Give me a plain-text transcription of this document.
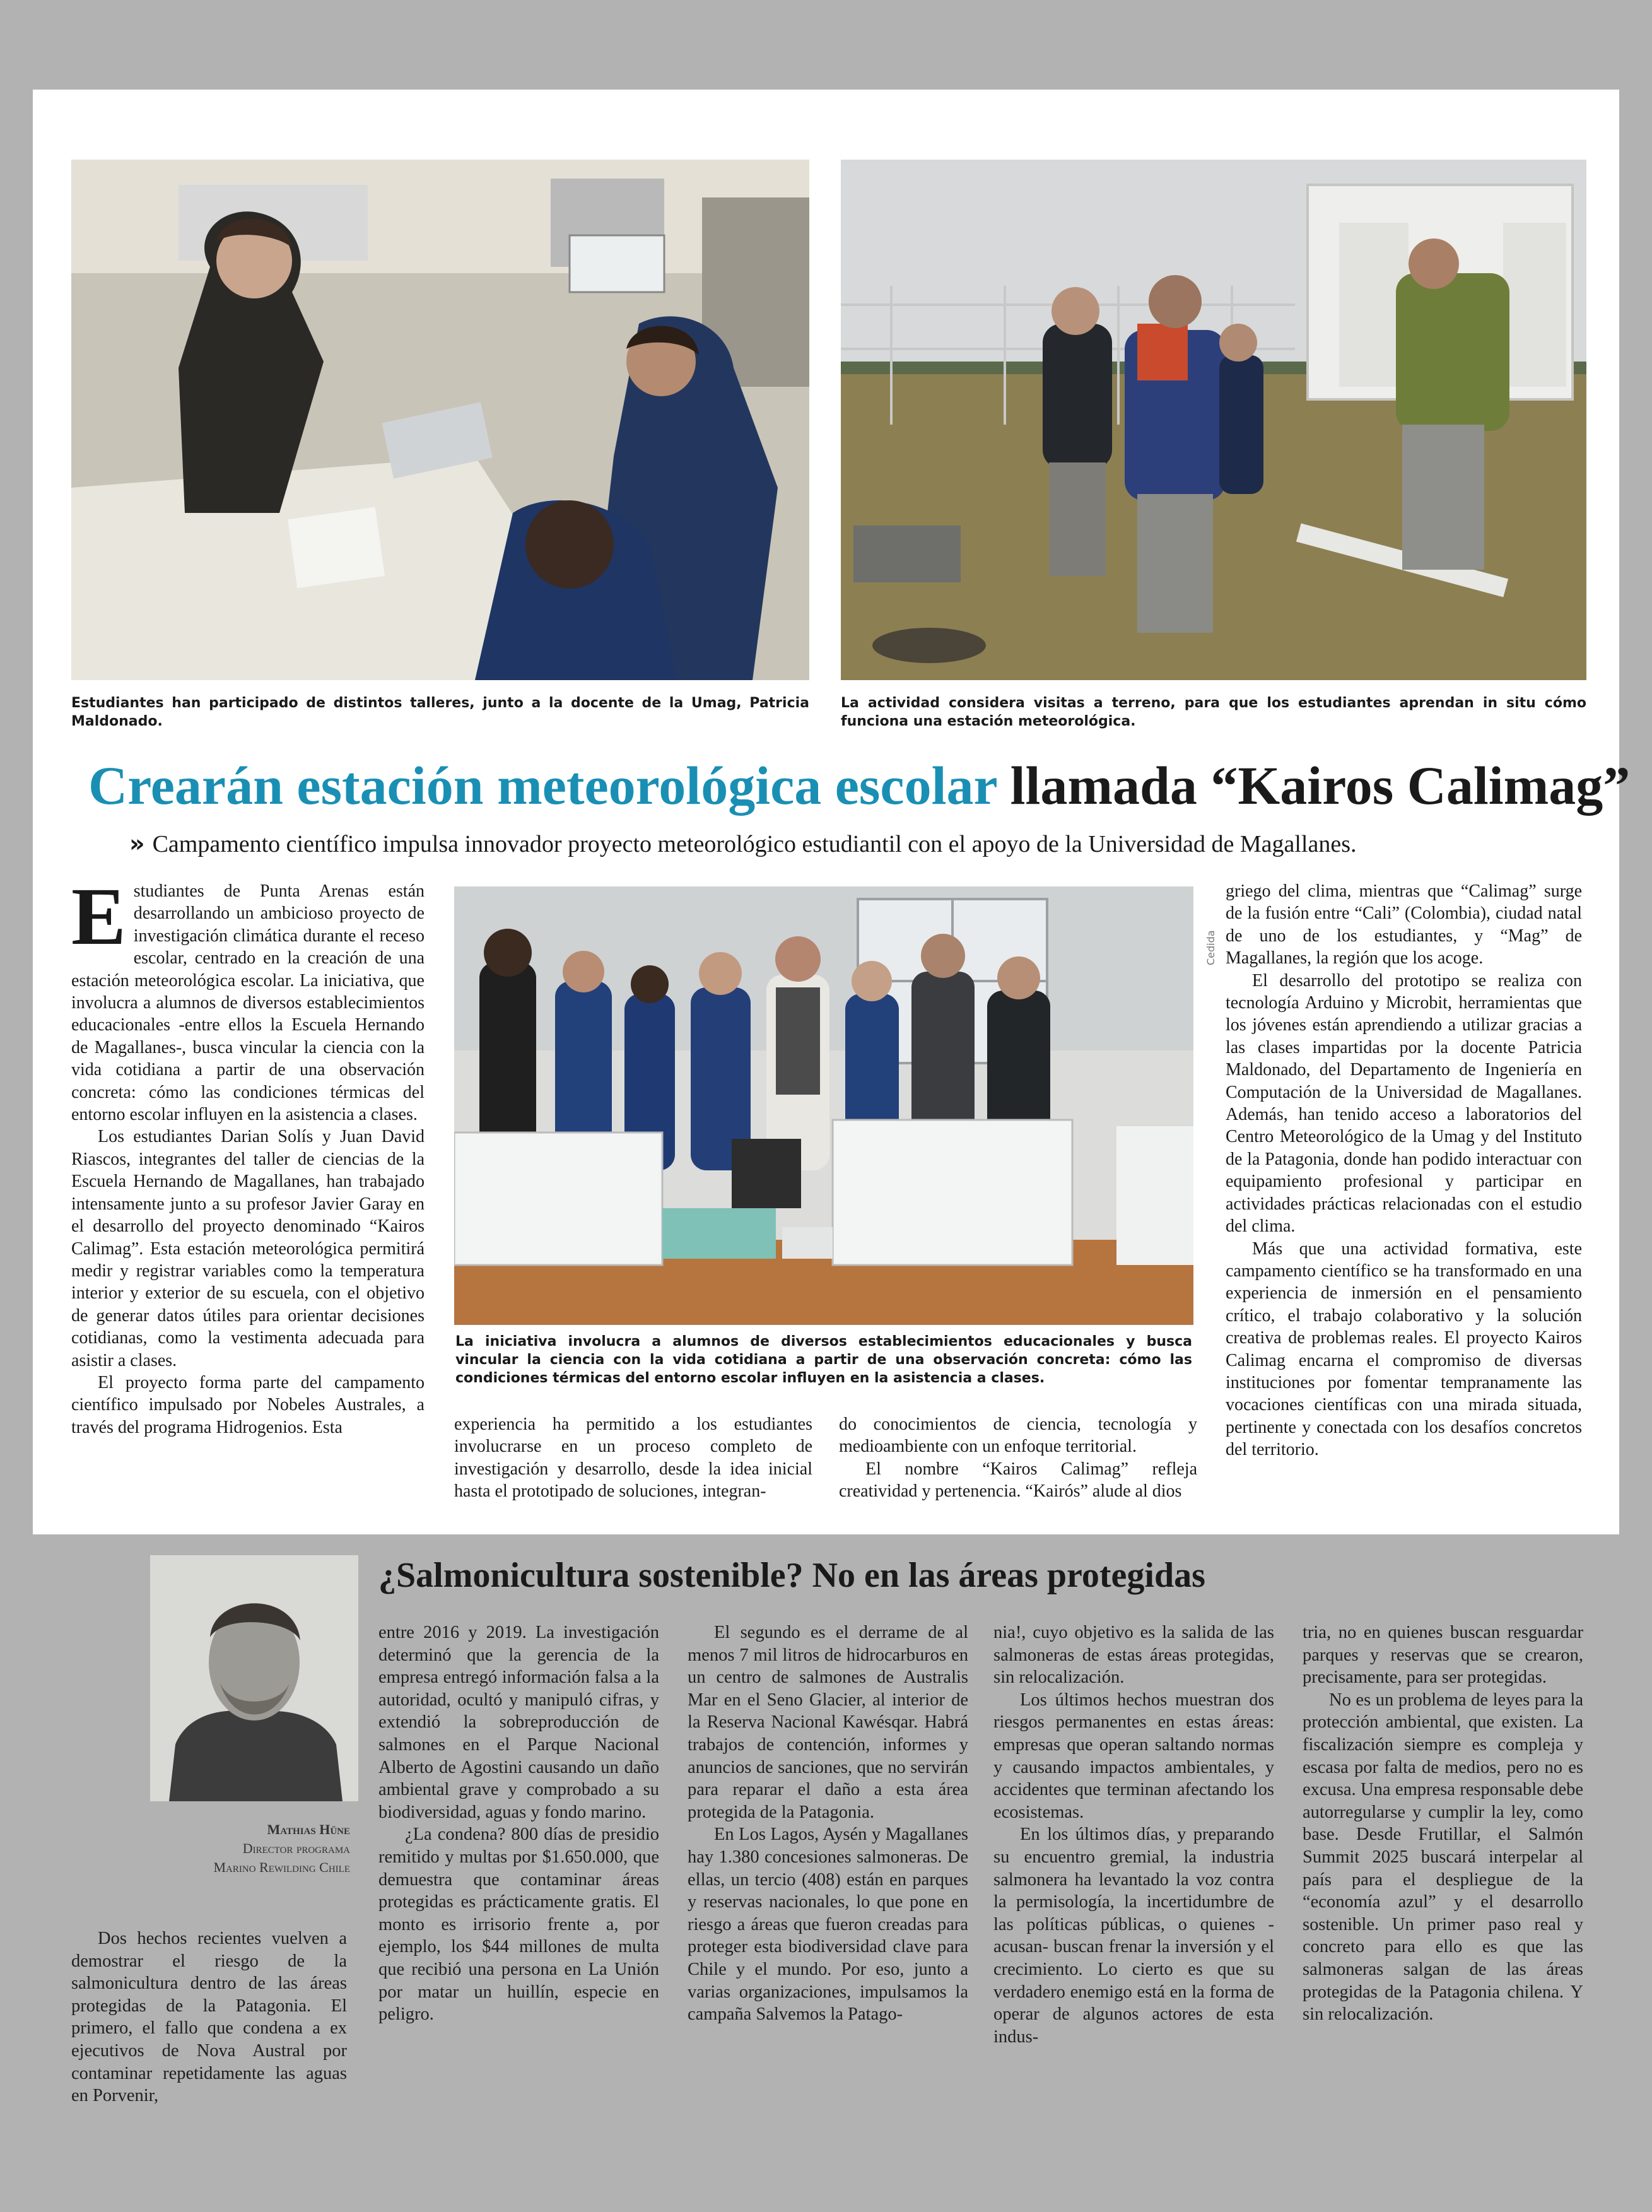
Estudiantes han participado de distintos talleres, junto a la docente de la Umag, Patricia Maldonado.
La actividad considera visitas a terreno, para que los estudiantes aprendan in situ cómo funciona una estación meteorológica.
Crearán estación meteorológica escolar llamada “Kairos Calimag”
» Campamento científico impulsa innovador proyecto meteorológico estudiantil con el apoyo de la Universidad de Magallanes.

Estudiantes de Punta Arenas están desarrollando un ambicioso proyecto de investigación climática durante el receso escolar, centrado en la creación de una estación meteorológica escolar. La iniciativa, que involucra a alumnos de diversos establecimientos educacionales -entre ellos la Escuela Hernando de Magallanes-, busca vincular la ciencia con la vida cotidiana a partir de una observación concreta: cómo las condiciones térmicas del entorno escolar influyen en la asistencia a clases.

Los estudiantes Darian Solís y Juan David Riascos, integrantes del taller de ciencias de la Escuela Hernando de Magallanes, han trabajado intensamente junto a su profesor Javier Garay en el desarrollo del proyecto denominado “Kairos Calimag”. Esta estación meteorológica permitirá medir y registrar variables como la temperatura interior y exterior de su escuela, con el objetivo de generar datos útiles para orientar decisiones cotidianas, como la vestimenta adecuada para asistir a clases.

El proyecto forma parte del campamento científico impulsado por Nobeles Australes, a través del programa Hidrogenios. Esta

La iniciativa involucra a alumnos de diversos establecimientos educacionales y busca vincular la ciencia con la vida cotidiana a partir de una observación concreta: cómo las condiciones térmicas del entorno escolar influyen en la asistencia a clases.
Cedida

experiencia ha permitido a los estudiantes involucrarse en un proceso completo de investigación y desarrollo, desde la idea inicial hasta el prototipado de soluciones, integran-

do conocimientos de ciencia, tecnología y medioambiente con un enfoque territorial.

El nombre “Kairos Calimag” refleja creatividad y pertenencia. “Kairós” alude al dios

griego del clima, mientras que “Calimag” surge de la fusión entre “Cali” (Colombia), ciudad natal de uno de los estudiantes, y “Mag” de Magallanes, la región que los acoge.

El desarrollo del prototipo se realiza con tecnología Arduino y Microbit, herramientas que los jóvenes están aprendiendo a utilizar gracias a las clases impartidas por la docente Patricia Maldonado, del Departamento de Ingeniería en Computación de la Universidad de Magallanes. Además, han tenido acceso a laboratorios del Centro Meteorológico de la Umag y del Instituto de la Patagonia, donde han podido interactuar con equipamiento profesional y participar en actividades prácticas relacionadas con el estudio del clima.

Más que una actividad formativa, este campamento científico se ha transformado en una experiencia de inmersión en el pensamiento crítico, el trabajo colaborativo y la solución creativa de problemas reales. El proyecto Kairos Calimag encarna el compromiso de diversas instituciones por fomentar tempranamente las vocaciones científicas con una mirada situada, pertinente y conectada con los desafíos concretos del territorio.

¿Salmonicultura sostenible? No en las áreas protegidas
Mathias Hüne
Director programa
Marino Rewilding Chile

Dos hechos recientes vuelven a demostrar el riesgo de la salmonicultura dentro de las áreas protegidas de la Patagonia. El primero, el fallo que condena a ex ejecutivos de Nova Austral por contaminar repetidamente las aguas en Porvenir,

entre 2016 y 2019. La investigación determinó que la gerencia de la empresa entregó información falsa a la autoridad, ocultó y manipuló cifras, y extendió la sobreproducción de salmones en el Parque Nacional Alberto de Agostini causando un daño ambiental grave y comprobado a su biodiversidad, aguas y fondo marino.

¿La condena? 800 días de presidio remitido y multas por $1.650.000, que demuestra que contaminar áreas protegidas es prácticamente gratis. El monto es irrisorio frente a, por ejemplo, los $44 millones de multa que recibió una persona en La Unión por matar un huillín, especie en peligro.

El segundo es el derrame de al menos 7 mil litros de hidrocarburos en un centro de salmones de Australis Mar en el Seno Glacier, al interior de la Reserva Nacional Kawésqar. Habrá trabajos de contención, informes y anuncios de sanciones, que no servirán para reparar el daño a esta área protegida de la Patagonia.

En Los Lagos, Aysén y Magallanes hay 1.380 concesiones salmoneras. De ellas, un tercio (408) están en parques y reservas nacionales, lo que pone en riesgo a áreas que fueron creadas para proteger esta biodiversidad clave para Chile y el mundo. Por eso, junto a varias organizaciones, impulsamos la campaña Salvemos la Patago-

nia!, cuyo objetivo es la salida de las salmoneras de estas áreas protegidas, sin relocalización.

Los últimos hechos muestran dos riesgos permanentes en estas áreas: empresas que operan saltando normas y causando impactos ambientales, y accidentes que terminan afectando los ecosistemas.

En los últimos días, y preparando su encuentro gremial, la industria salmonera ha levantado la voz contra la permisología, la incertidumbre de las políticas públicas, o quienes -acusan- buscan frenar la inversión y el crecimiento. Lo cierto es que su verdadero enemigo está en la forma de operar de algunos actores de esta indus-

tria, no en quienes buscan resguardar parques y reservas que se crearon, precisamente, para ser protegidas.

No es un problema de leyes para la protección ambiental, que existen. La fiscalización siempre es compleja y escasa por falta de medios, pero no es excusa. Una empresa responsable debe autorregularse y cumplir la ley, como base. Desde Frutillar, el Salmón Summit 2025 buscará interpelar al país para el despliegue de la “economía azul” y el desarrollo sostenible. Un primer paso real y concreto para ello es que las salmoneras salgan de las áreas protegidas de la Patagonia chilena. Y sin relocalización.
